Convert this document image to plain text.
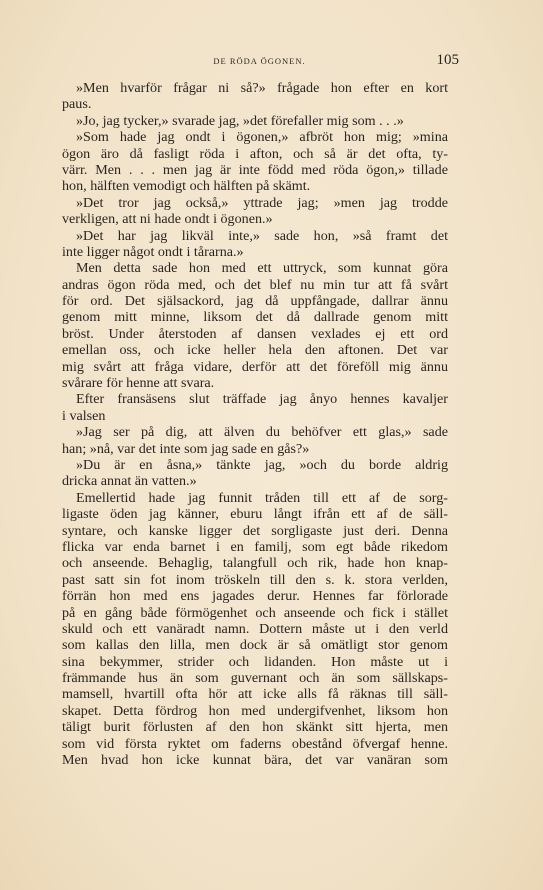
DE RÖDA ÖGONEN.	105
»Men hvarför frågar ni så?» frågade hon efter en kort
paus.
»Jo, jag tycker,» svarade jag, »det förefaller mig som . . .»
»Som hade jag ondt i ögonen,» afbröt hon mig; »mina
ögon äro då fasligt röda i afton, och så är det ofta, ty-
värr. Men . . . men jag är inte född med röda ögon,» tillade
hon, hälften vemodigt och hälften på skämt.
»Det tror jag också,» yttrade jag; »men jag trodde
verkligen, att ni hade ondt i ögonen.»
»Det har jag likväl inte,» sade hon, »så framt det
inte ligger något ondt i tårarna.»
Men detta sade hon med ett uttryck, som kunnat göra
andras ögon röda med, och det blef nu min tur att få svårt
för ord. Det själsackord, jag då uppfångade, dallrar ännu
genom mitt minne, liksom det då dallrade genom mitt
bröst. Under återstoden af dansen vexlades ej ett ord
emellan oss, och icke heller hela den aftonen. Det var
mig svårt att fråga vidare, derför att det föreföll mig ännu
svårare för henne att svara.
Efter fransäsens slut träffade jag ånyo hennes kavaljer
i valsen
»Jag ser på dig, att älven du behöfver ett glas,» sade
han; »nå, var det inte som jag sade en gås?»
»Du är en åsna,» tänkte jag, »och du borde aldrig
dricka annat än vatten.»
Emellertid hade jag funnit tråden till ett af de sorg-
ligaste öden jag känner, eburu långt ifrån ett af de säll-
syntare, och kanske ligger det sorgligaste just deri. Denna
flicka var enda barnet i en familj, som egt både rikedom
och anseende. Behaglig, talangfull och rik, hade hon knap-
past satt sin fot inom tröskeln till den s. k. stora verlden,
förrän hon med ens jagades derur. Hennes far förlorade
på en gång både förmögenhet och anseende och fick i stället
skuld och ett vanäradt namn. Dottern måste ut i den verld
som kallas den lilla, men dock är så omätligt stor genom
sina bekymmer, strider och lidanden. Hon måste ut i
främmande hus än som guvernant och än som sällskaps-
mamsell, hvartill ofta hör att icke alls få räknas till säll-
skapet. Detta fördrog hon med undergifvenhet, liksom hon
täligt burit förlusten af den hon skänkt sitt hjerta, men
som vid första ryktet om faderns obestånd öfvergaf henne.
Men hvad hon icke kunnat bära, det var vanäran som
